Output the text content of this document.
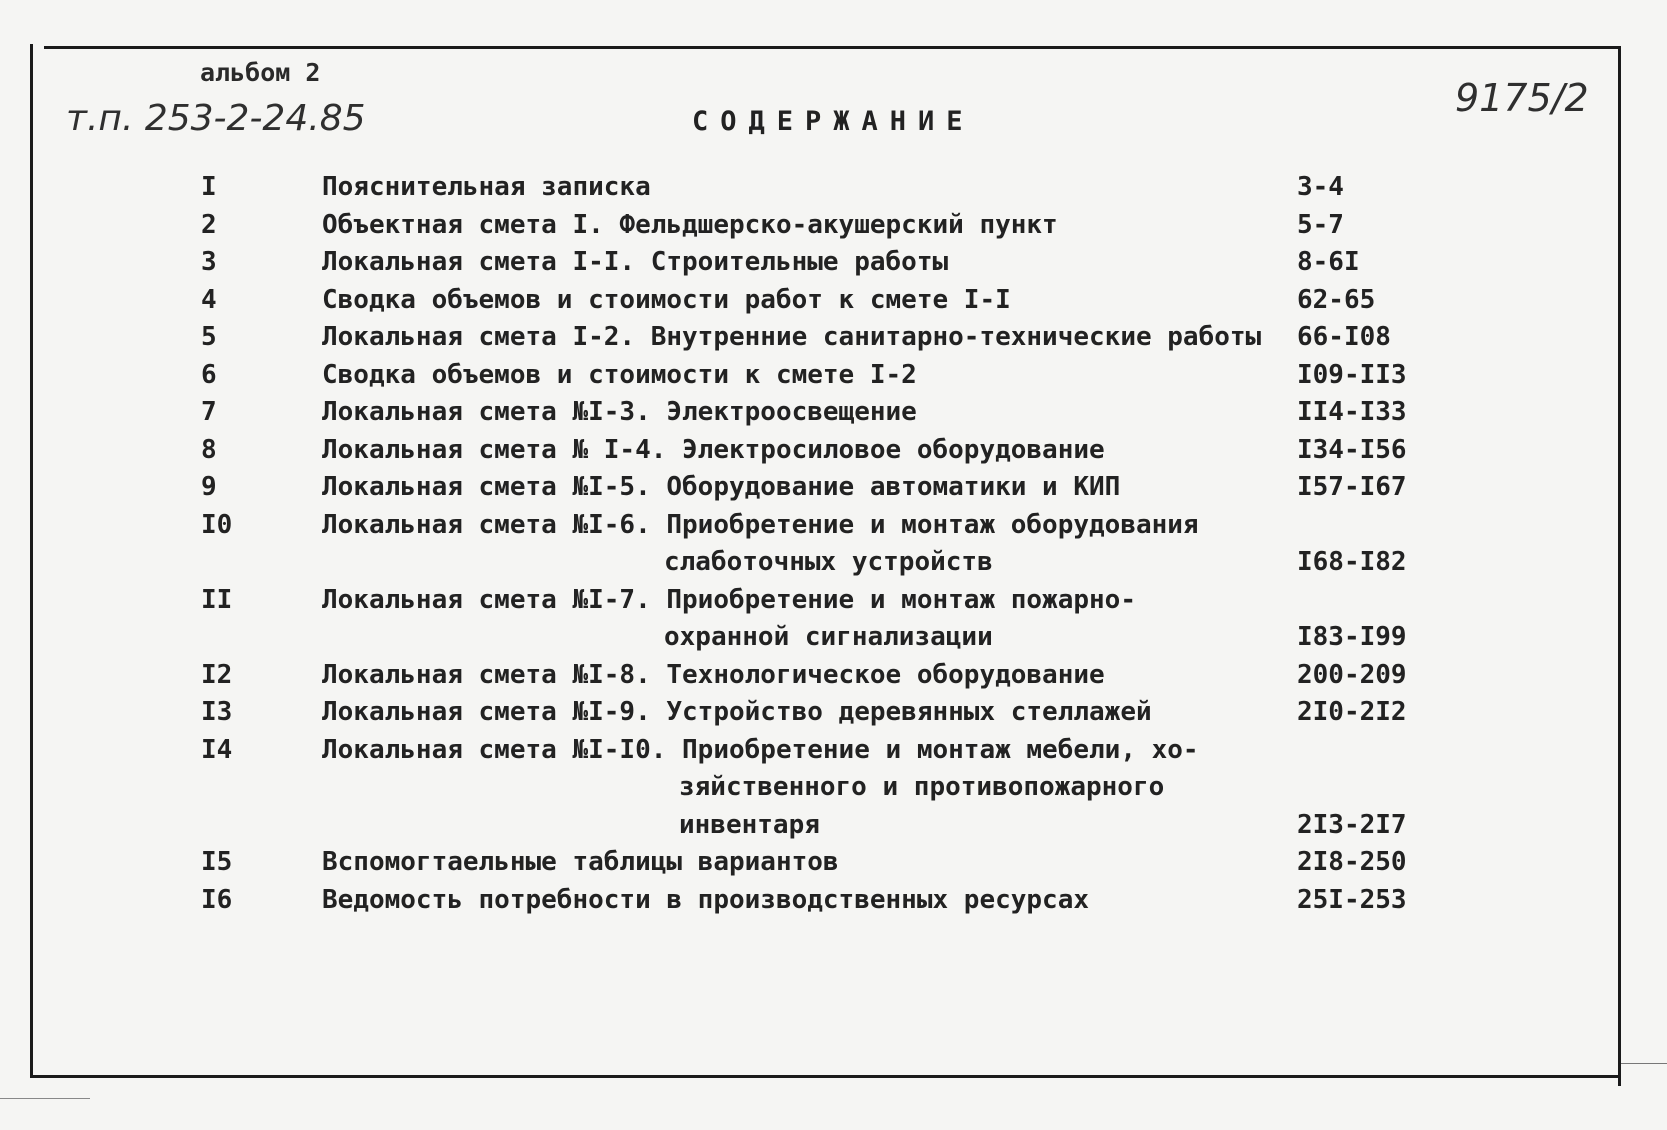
альбом 2
т.п. 253-2-24.85	9175/2
СОДЕРЖАНИЕ
I	Пояснительная записка	3-4
2	Объектная смета I. Фельдшерско-акушерский пункт	5-7
3	Локальная смета I-I. Строительные работы	8-6I
4	Сводка объемов и стоимости работ к смете I-I	62-65
5	Локальная смета I-2. Внутренние санитарно-технические работы 66-I08
6	Сводка объемов и стоимости к смете I-2	I09-II3
7	Локальная смета №I-3. Электроосвещение	II4-I33
8	Локальная смета № I-4. Электросиловое оборудование	I34-I56
9	Локальная смета №I-5. Оборудование автоматики и КИП	I57-I67
I0	Локальная смета №I-6. Приобретение и монтаж оборудования
слаботочных устройств	I68-I82
II	Локальная смета №I-7. Приобретение и монтаж пожарно-
охранной сигнализации	I83-I99
I2	Локальная смета №I-8. Технологическое оборудование	200-209
I3	Локальная смета №I-9. Устройство деревянных стеллажей	2I0-2I2
I4	Локальная смета №I-I0. Приобретение и монтаж мебели, хо-
зяйственного и противопожарного
инвентаря	2I3-2I7
I5	Вспомогтаельные таблицы вариантов	2I8-250
I6	Ведомость потребности в производственных ресурсах	25I-253
